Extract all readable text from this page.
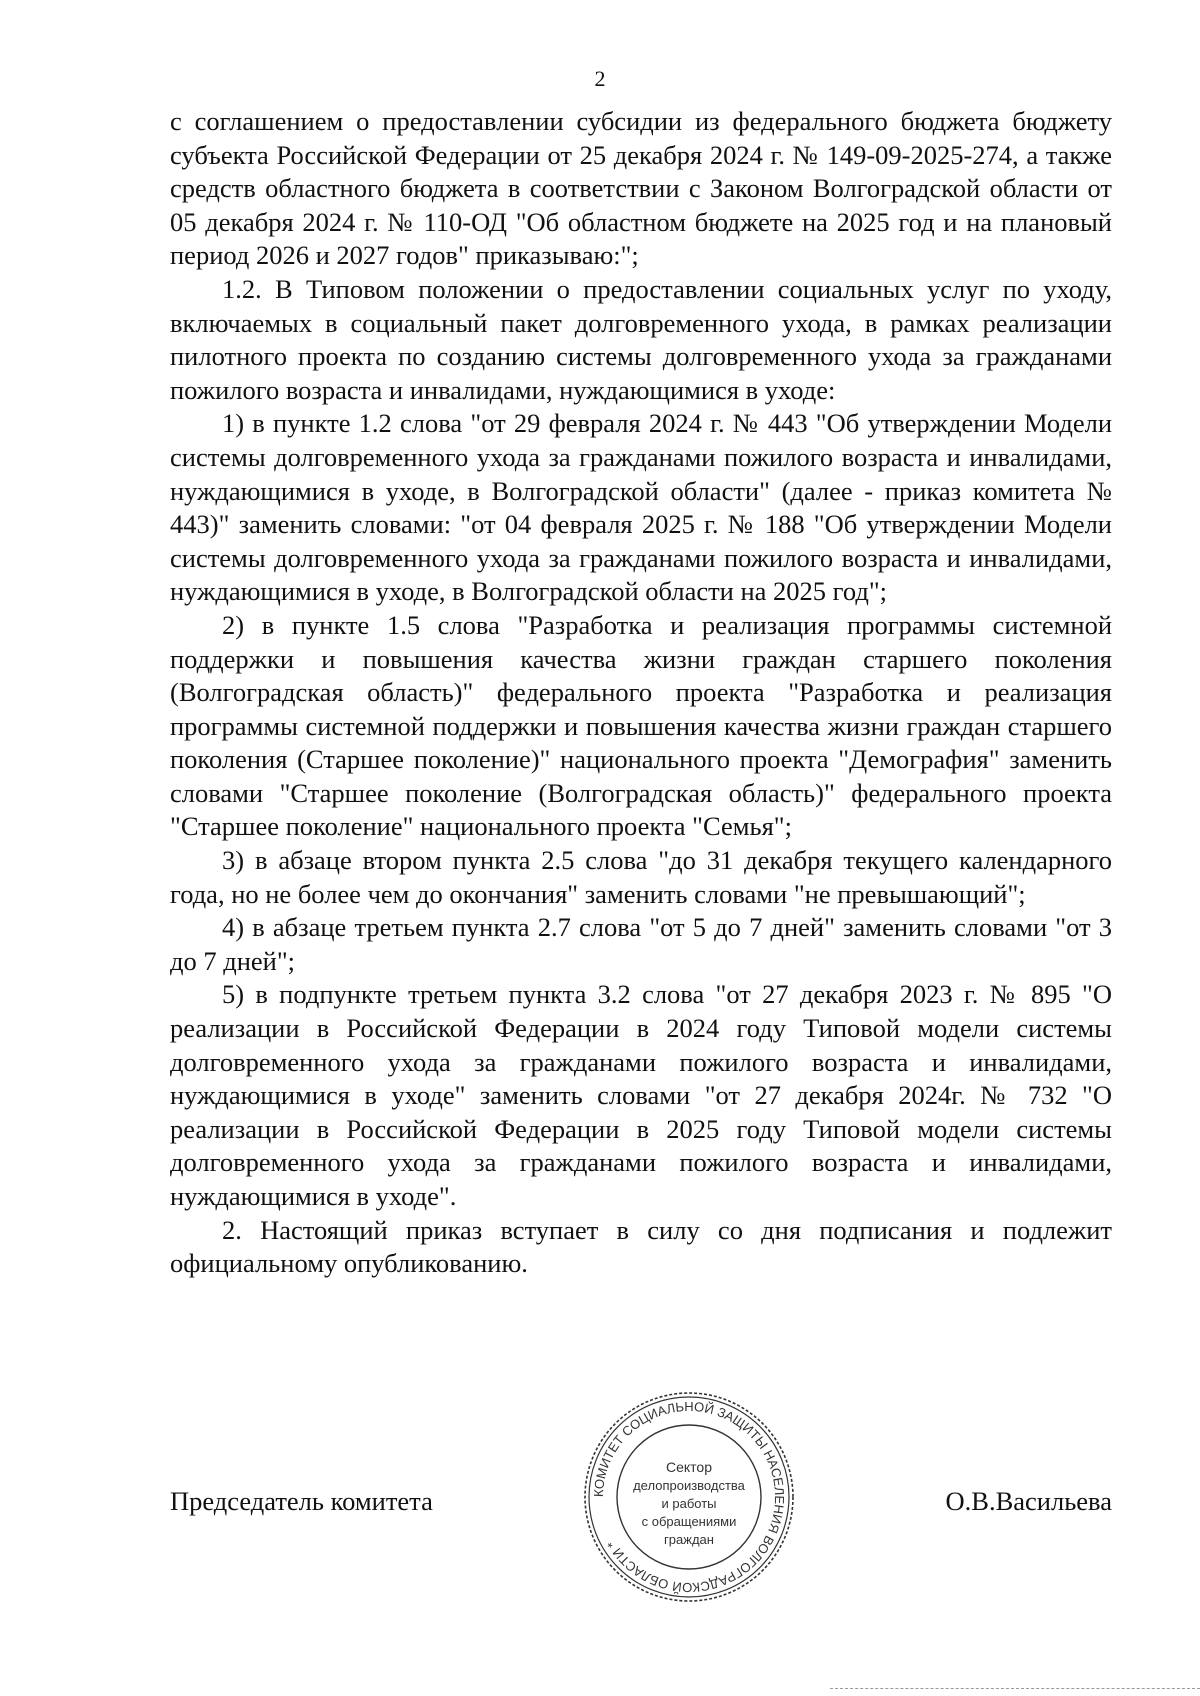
2

с соглашением о предоставлении субсидии из федерального бюджета бюджету субъекта Российской Федерации от 25 декабря 2024 г. № 149-09-2025-274, а также средств областного бюджета в соответствии с Законом Волгоградской области от 05 декабря 2024 г. № 110-ОД "Об областном бюджете на 2025 год и на плановый период 2026 и 2027 годов" приказываю:";

1.2. В Типовом положении о предоставлении социальных услуг по уходу, включаемых в социальный пакет долговременного ухода, в рамках реализации пилотного проекта по созданию системы долговременного ухода за гражданами пожилого возраста и инвалидами, нуждающимися в уходе:

1) в пункте 1.2 слова "от 29 февраля 2024 г. № 443 "Об утверждении Модели системы долговременного ухода за гражданами пожилого возраста и инвалидами, нуждающимися в уходе, в Волгоградской области" (далее - приказ комитета № 443)" заменить словами: "от 04 февраля 2025 г. № 188 "Об утверждении Модели системы долговременного ухода за гражданами пожилого возраста и инвалидами, нуждающимися в уходе, в Волгоградской области на 2025 год";

2) в пункте 1.5 слова "Разработка и реализация программы системной поддержки и повышения качества жизни граждан старшего поколения (Волгоградская область)" федерального проекта "Разработка и реализация программы системной поддержки и повышения качества жизни граждан старшего поколения (Старшее поколение)" национального проекта "Демография" заменить словами "Старшее поколение (Волгоградская область)" федерального проекта "Старшее поколение" национального проекта "Семья";

3) в абзаце втором пункта 2.5 слова "до 31 декабря текущего календарного года, но не более чем до окончания" заменить словами "не превышающий";

4) в абзаце третьем пункта 2.7 слова "от 5 до 7 дней" заменить словами "от 3 до 7 дней";

5) в подпункте третьем пункта 3.2 слова "от 27 декабря 2023 г. № 895 "О реализации в Российской Федерации в 2024 году Типовой модели системы долговременного ухода за гражданами пожилого возраста и инвалидами, нуждающимися в уходе" заменить словами "от 27 декабря 2024г. № 732 "О реализации в Российской Федерации в 2025 году Типовой модели системы долговременного ухода за гражданами пожилого возраста и инвалидами, нуждающимися в уходе".

2. Настоящий приказ вступает в силу со дня подписания и подлежит официальному опубликованию.

Председатель комитета	О.В.Васильева
КОМИТЕТ СОЦИАЛЬНОЙ ЗАЩИТЫ НАСЕЛЕНИЯ ВОЛГОГРАДСКОЙ ОБЛАСТИ *
Сектор
делопроизводства
и работы
с обращениями
граждан
